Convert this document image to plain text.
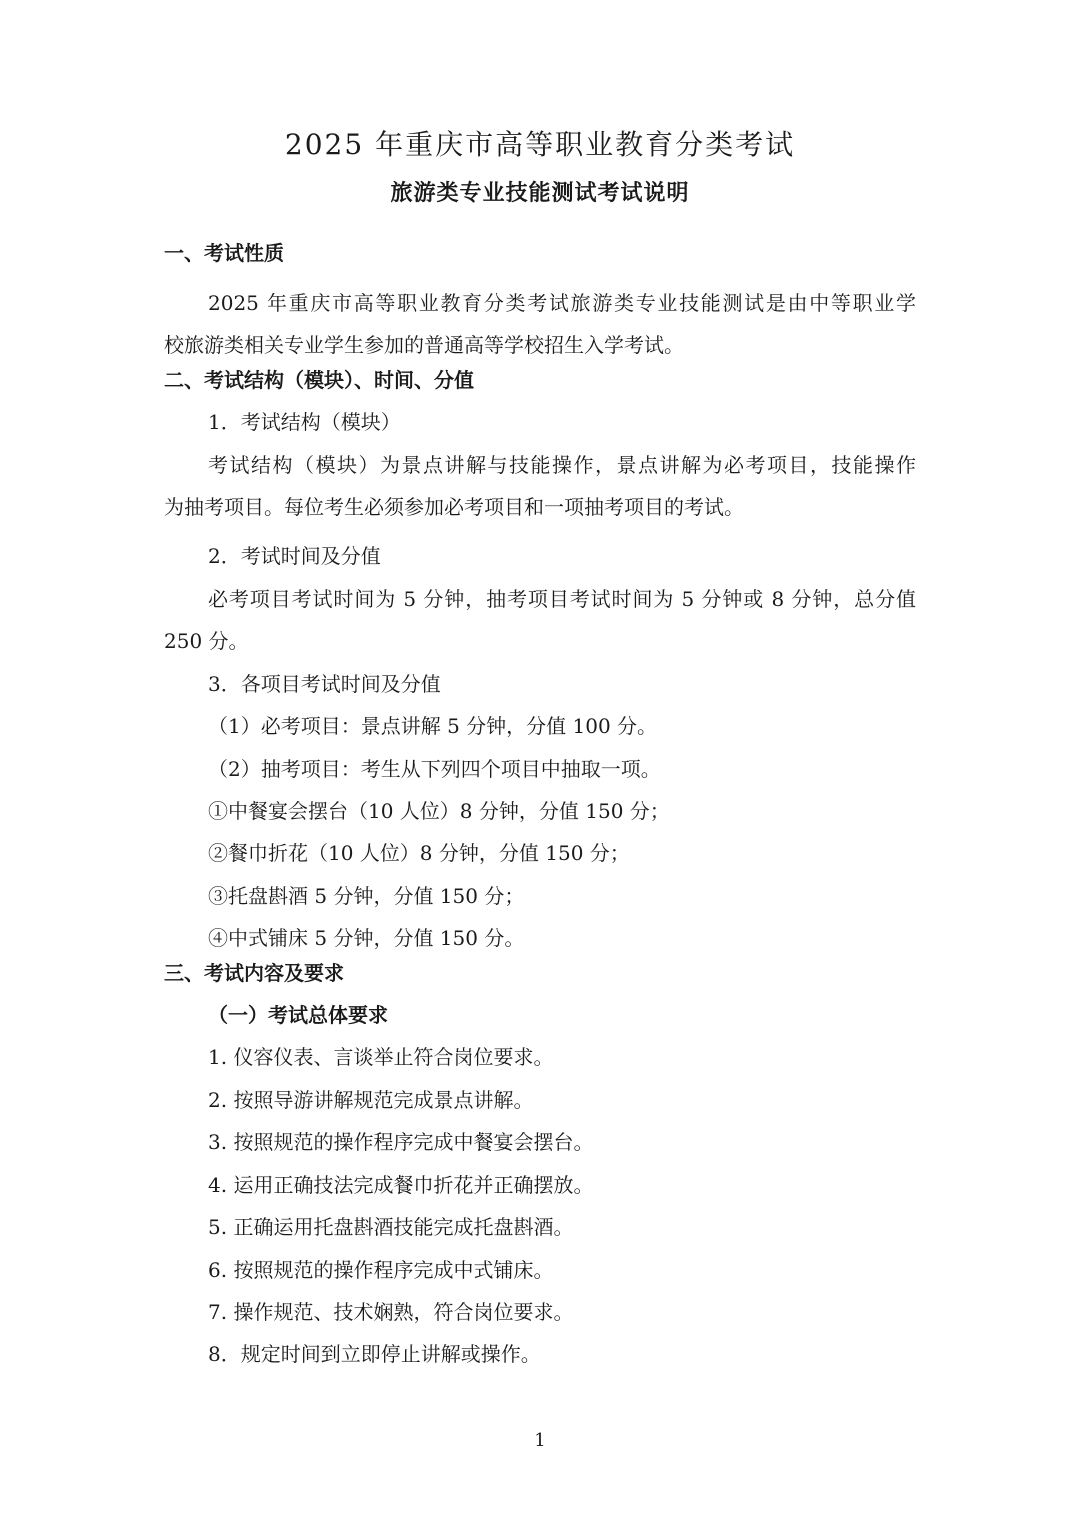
2025 年重庆市高等职业教育分类考试
旅游类专业技能测试考试说明
一、考试性质
2025 年重庆市高等职业教育分类考试旅游类专业技能测试是由中等职业学
校旅游类相关专业学生参加的普通高等学校招生入学考试。
二、考试结构（模块）、时间、分值
1．考试结构（模块）
考试结构（模块）为景点讲解与技能操作，景点讲解为必考项目，技能操作
为抽考项目。每位考生必须参加必考项目和一项抽考项目的考试。
2．考试时间及分值
必考项目考试时间为 5 分钟，抽考项目考试时间为 5 分钟或 8 分钟，总分值
250 分。
3．各项目考试时间及分值
（1）必考项目：景点讲解 5 分钟，分值 100 分。
（2）抽考项目：考生从下列四个项目中抽取一项。
①中餐宴会摆台（10 人位）8 分钟，分值 150 分；
②餐巾折花（10 人位）8 分钟，分值 150 分；
③托盘斟酒 5 分钟，分值 150 分；
④中式铺床 5 分钟，分值 150 分。
三、考试内容及要求
（一）考试总体要求
1. 仪容仪表、言谈举止符合岗位要求。
2. 按照导游讲解规范完成景点讲解。
3. 按照规范的操作程序完成中餐宴会摆台。
4. 运用正确技法完成餐巾折花并正确摆放。
5. 正确运用托盘斟酒技能完成托盘斟酒。
6. 按照规范的操作程序完成中式铺床。
7. 操作规范、技术娴熟，符合岗位要求。
8．规定时间到立即停止讲解或操作。
1
